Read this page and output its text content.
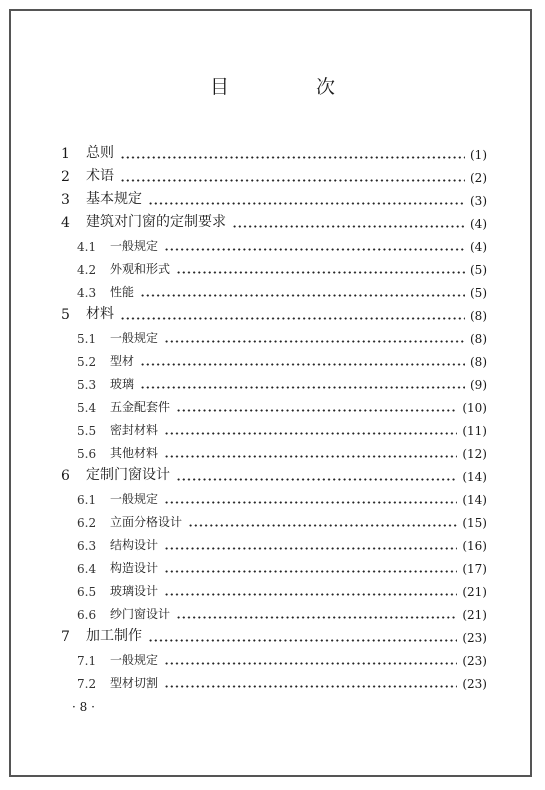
目　次
1 总则	(1)
2 术语	(2)
3 基本规定	(3)
4 建筑对门窗的定制要求	(4)
4.1 一般规定	(4)
4.2 外观和形式	(5)
4.3 性能	(5)
5 材料	(8)
5.1 一般规定	(8)
5.2 型材	(8)
5.3 玻璃	(9)
5.4 五金配套件	(10)
5.5 密封材料	(11)
5.6 其他材料	(12)
6 定制门窗设计	(14)
6.1 一般规定	(14)
6.2 立面分格设计	(15)
6.3 结构设计	(16)
6.4 构造设计	(17)
6.5 玻璃设计	(21)
6.6 纱门窗设计	(21)
7 加工制作	(23)
7.1 一般规定	(23)
7.2 型材切割	(23)
· 8 ·
